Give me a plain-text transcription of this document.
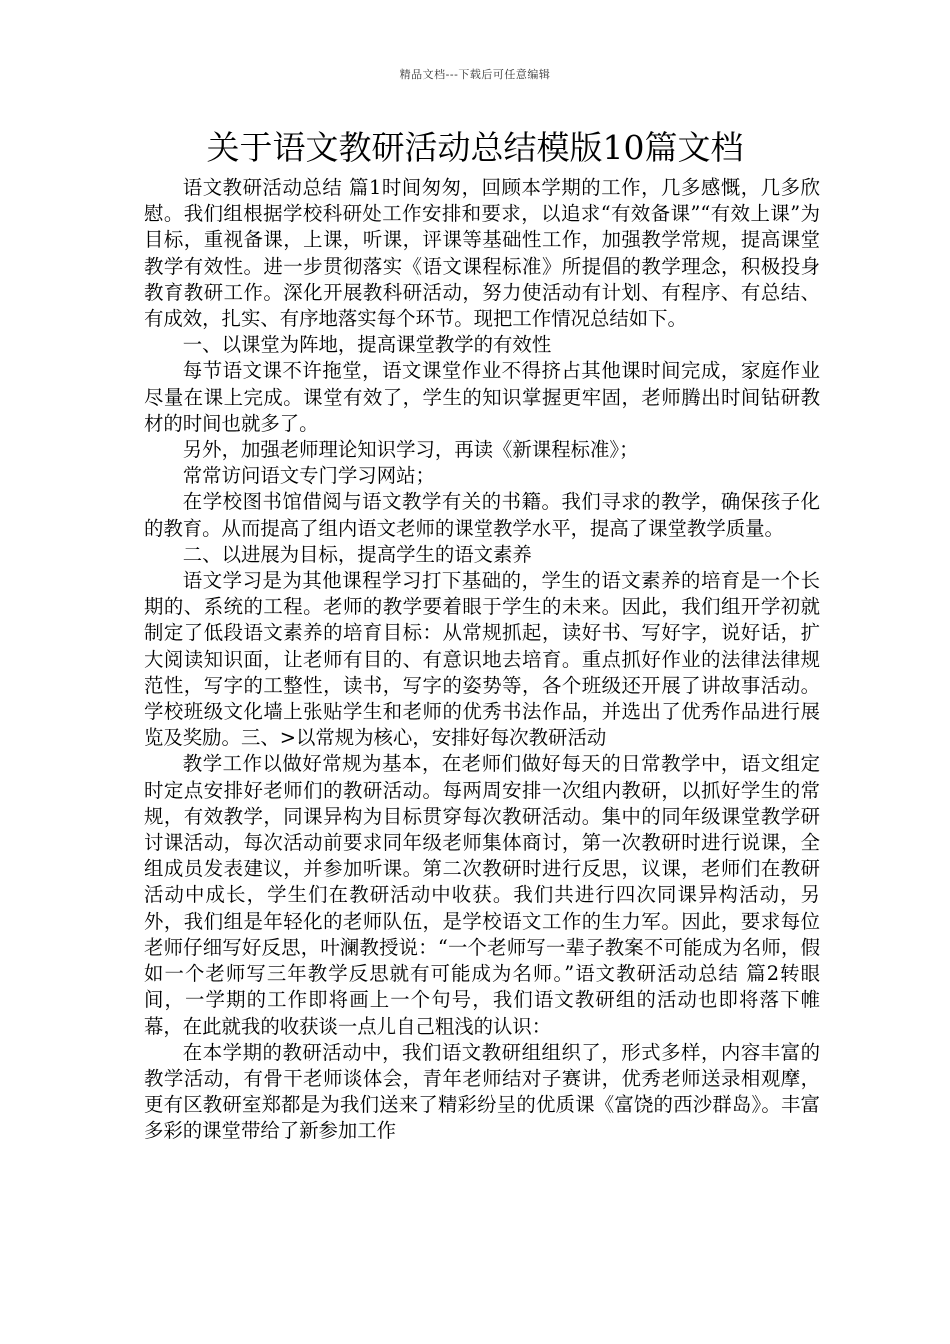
精品文档---下载后可任意编辑
关于语文教研活动总结模版10篇文档

语文教研活动总结 篇1时间匆匆，回顾本学期的工作，几多感慨，几多欣慰。我们组根据学校科研处工作安排和要求，以追求“有效备课”“有效上课”为目标，重视备课，上课，听课，评课等基础性工作，加强教学常规，提高课堂教学有效性。进一步贯彻落实《语文课程标准》所提倡的教学理念，积极投身教育教研工作。深化开展教科研活动，努力使活动有计划、有程序、有总结、有成效，扎实、有序地落实每个环节。现把工作情况总结如下。

一、以课堂为阵地，提高课堂教学的有效性

每节语文课不许拖堂，语文课堂作业不得挤占其他课时间完成，家庭作业尽量在课上完成。课堂有效了，学生的知识掌握更牢固，老师腾出时间钻研教材的时间也就多了。

另外，加强老师理论知识学习，再读《新课程标准》；

常常访问语文专门学习网站；

在学校图书馆借阅与语文教学有关的书籍。我们寻求的教学，确保孩子化的教育。从而提高了组内语文老师的课堂教学水平，提高了课堂教学质量。

二、以进展为目标，提高学生的语文素养

语文学习是为其他课程学习打下基础的，学生的语文素养的培育是一个长期的、系统的工程。老师的教学要着眼于学生的未来。因此，我们组开学初就制定了低段语文素养的培育目标：从常规抓起，读好书、写好字，说好话，扩大阅读知识面，让老师有目的、有意识地去培育。重点抓好作业的法律法律规范性，写字的工整性，读书，写字的姿势等，各个班级还开展了讲故事活动。学校班级文化墙上张贴学生和老师的优秀书法作品，并选出了优秀作品进行展览及奖励。三、>以常规为核心，安排好每次教研活动

教学工作以做好常规为基本，在老师们做好每天的日常教学中，语文组定时定点安排好老师们的教研活动。每两周安排一次组内教研，以抓好学生的常规，有效教学，同课异构为目标贯穿每次教研活动。集中的同年级课堂教学研讨课活动，每次活动前要求同年级老师集体商讨，第一次教研时进行说课，全组成员发表建议，并参加听课。第二次教研时进行反思，议课，老师们在教研活动中成长，学生们在教研活动中收获。我们共进行四次同课异构活动，另外，我们组是年轻化的老师队伍，是学校语文工作的生力军。因此，要求每位老师仔细写好反思，叶澜教授说：“一个老师写一辈子教案不可能成为名师，假如一个老师写三年教学反思就有可能成为名师。”语文教研活动总结 篇2转眼间，一学期的工作即将画上一个句号，我们语文教研组的活动也即将落下帷幕，在此就我的收获谈一点儿自己粗浅的认识：

在本学期的教研活动中，我们语文教研组组织了，形式多样，内容丰富的教学活动，有骨干老师谈体会，青年老师结对子赛讲，优秀老师送录相观摩，更有区教研室郑都是为我们送来了精彩纷呈的优质课《富饶的西沙群岛》。丰富多彩的课堂带给了新参加工作
